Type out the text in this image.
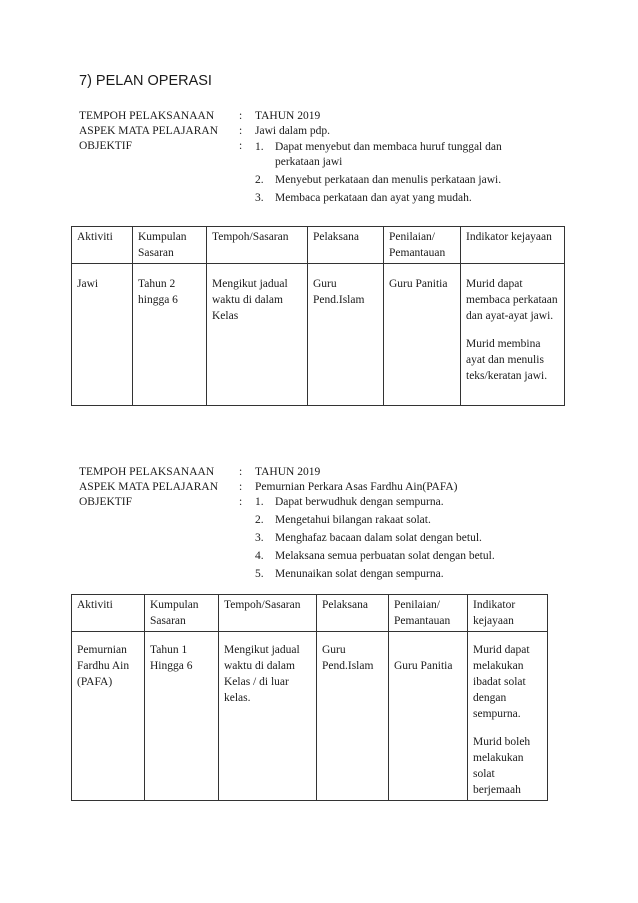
7) PELAN OPERASI
TEMPOH PELAKSANAAN : TAHUN 2019
ASPEK MATA PELAJARAN : Jawi dalam pdp.
OBJEKTIF	: 1. Dapat menyebut dan membaca huruf tunggal dan
perkataan jawi
2. Menyebut perkataan dan menulis perkataan jawi.
3. Membaca perkataan dan ayat yang mudah.
Aktiviti	Kumpulan Sasaran	Tempoh/Sasaran	Pelaksana	Penilaian/ Pemantauan	Indikator kejayaan
Jawi	Tahun 2 hingga 6	Mengikut jadual waktu di dalam Kelas	Guru Pend.Islam	Guru Panitia	Murid dapat membaca perkataan dan ayat-ayat jawi.
Murid membina ayat dan menulis teks/keratan jawi.
TEMPOH PELAKSANAAN : TAHUN 2019
ASPEK MATA PELAJARAN : Pemurnian Perkara Asas Fardhu Ain(PAFA)
OBJEKTIF	: 1. Dapat berwudhuk dengan sempurna.
2. Mengetahui bilangan rakaat solat.
3. Menghafaz bacaan dalam solat dengan betul.
4. Melaksana semua perbuatan solat dengan betul.
5. Menunaikan solat dengan sempurna.
Aktiviti	Kumpulan Sasaran	Tempoh/Sasaran	Pelaksana	Penilaian/ Pemantauan	Indikator kejayaan
Pemurnian Fardhu Ain (PAFA)	Tahun 1 Hingga 6	Mengikut jadual waktu di dalam Kelas / di luar kelas.	Guru Pend.Islam	Guru Panitia	Murid dapat melakukan ibadat solat dengan sempurna.
Murid boleh melakukan solat berjemaah
